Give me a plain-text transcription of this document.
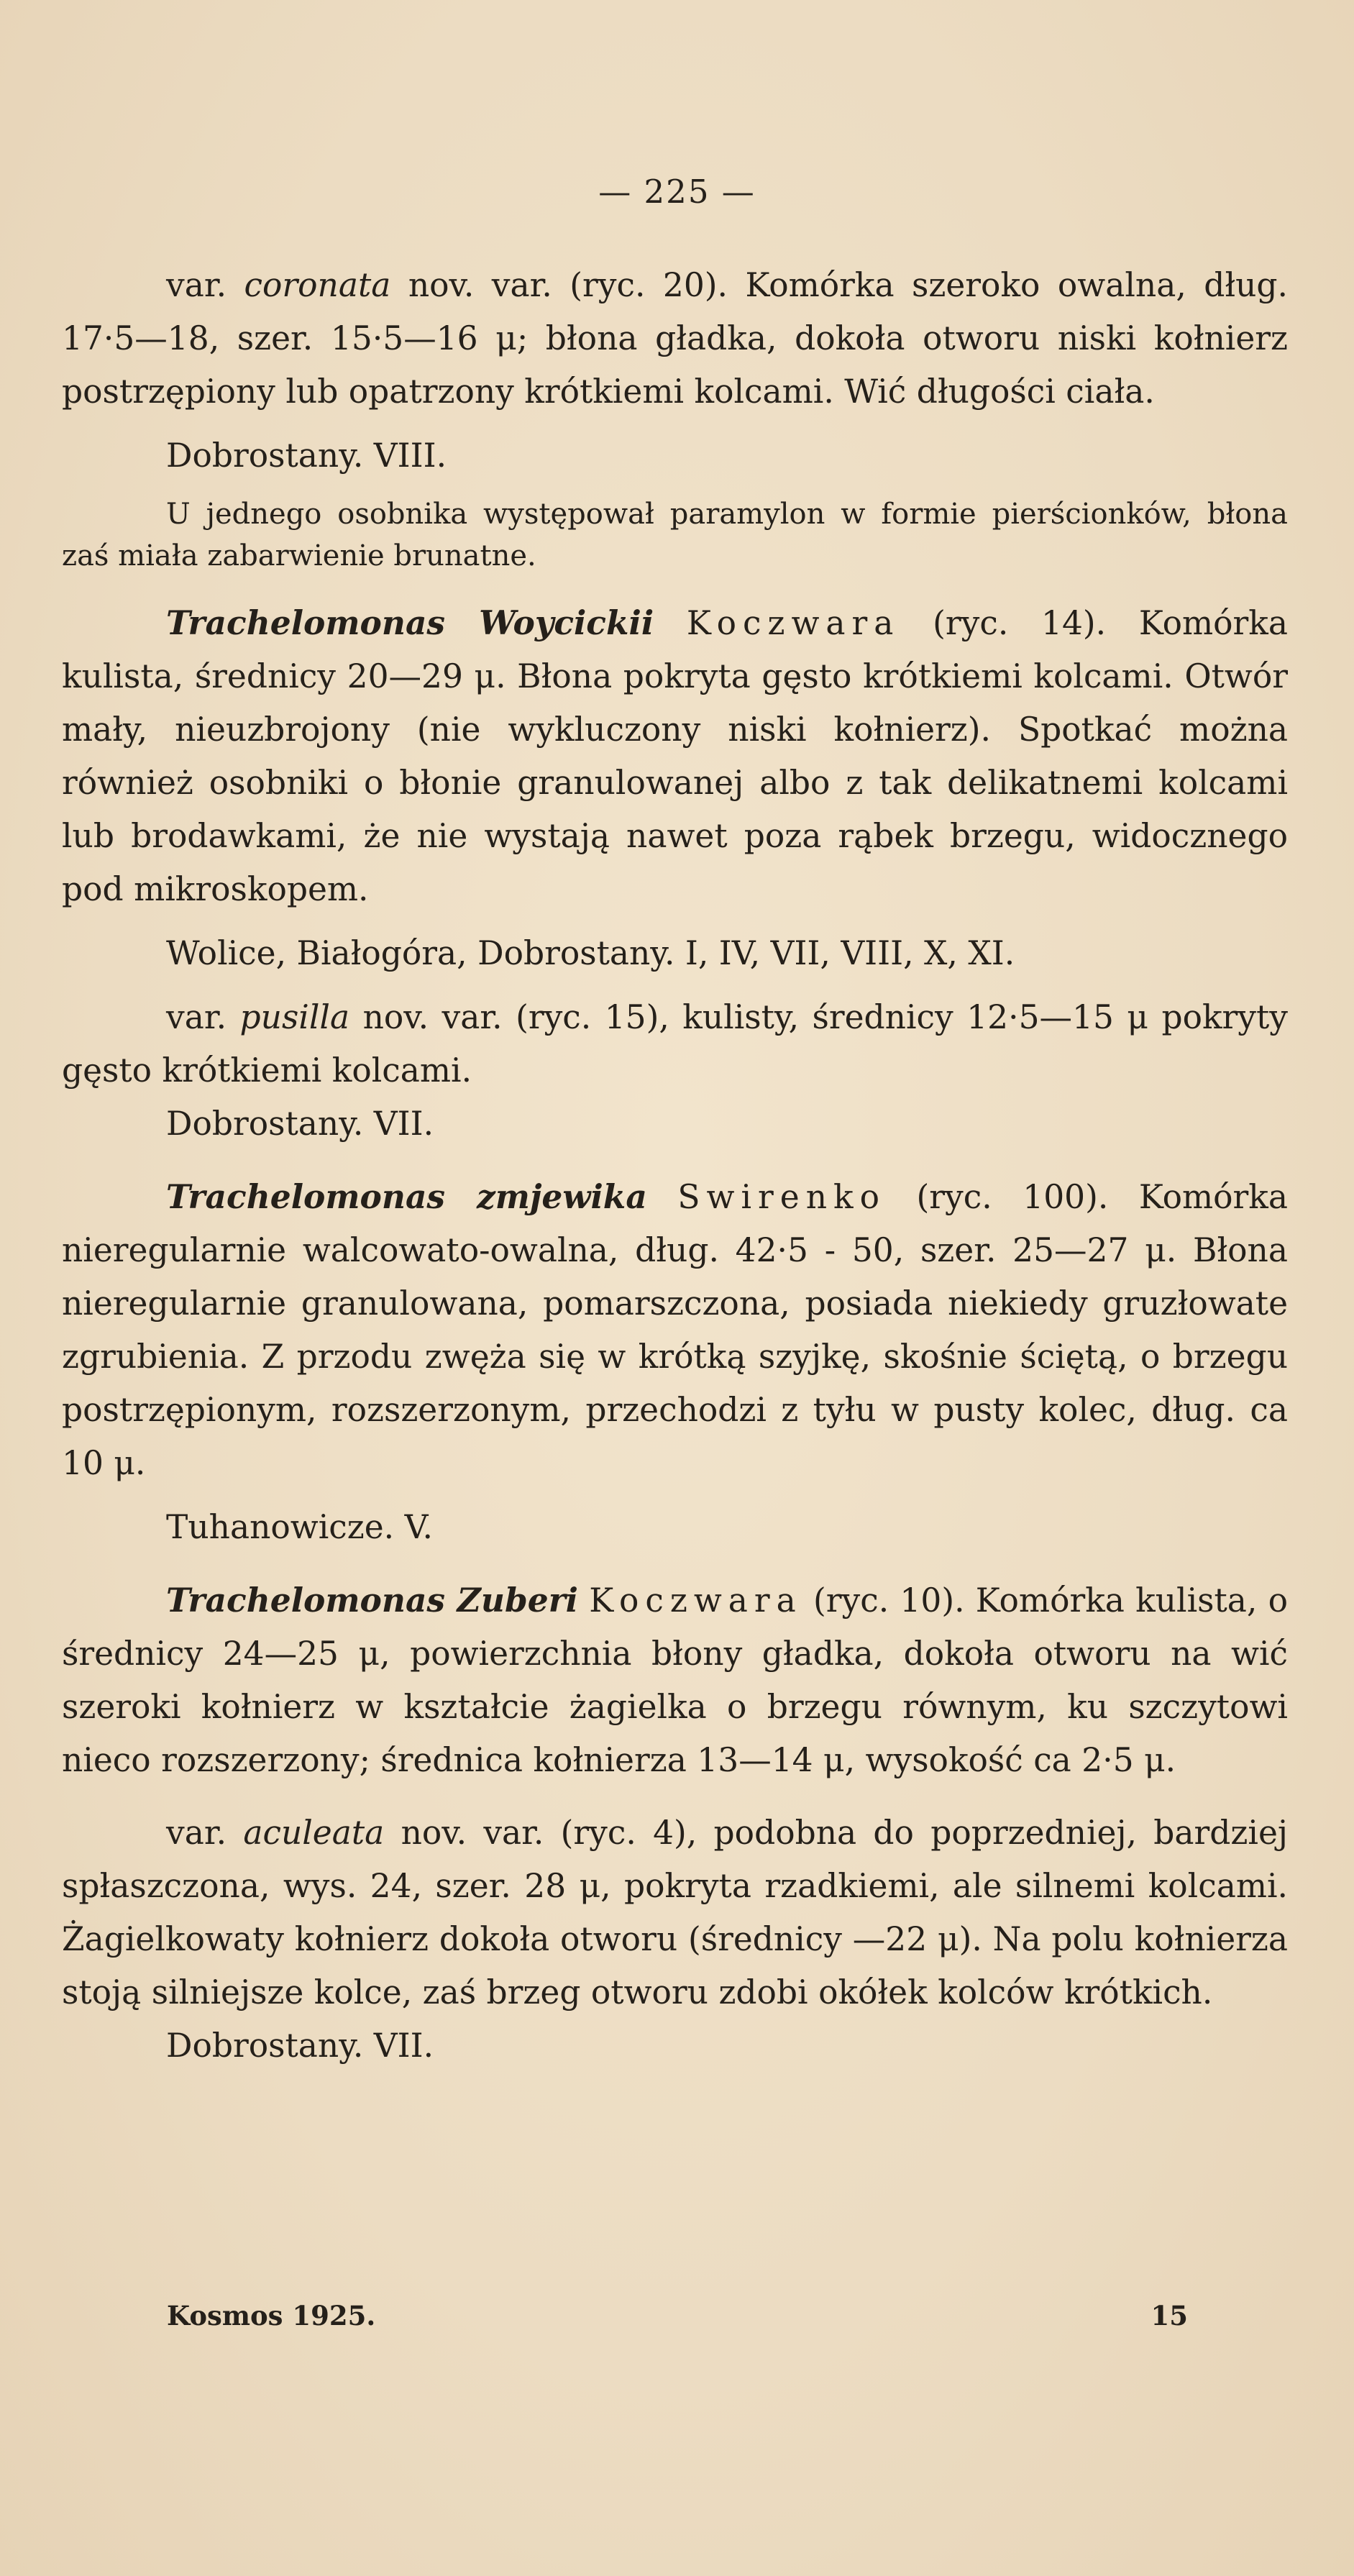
— 225 —

var. coronata nov. var. (ryc. 20). Komórka szeroko owalna, dług. 17·5—18, szer. 15·5—16 μ; błona gładka, dokoła otworu niski kołnierz postrzępiony lub opatrzony krótkiemi kolcami. Wić długości ciała.

Dobrostany. VIII.

U jednego osobnika występował paramylon w formie pierścionków, błona zaś miała zabarwienie brunatne.

Trachelomonas Woycickii Koczwara (ryc. 14). Komórka kulista, średnicy 20—29 μ. Błona pokryta gęsto krótkiemi kolcami. Otwór mały, nieuzbrojony (nie wykluczony niski kołnierz). Spotkać można również osobniki o błonie granulowanej albo z tak delikatnemi kolcami lub brodawkami, że nie wystają nawet poza rąbek brzegu, widocznego pod mikroskopem.

Wolice, Białogóra, Dobrostany. I, IV, VII, VIII, X, XI.

var. pusilla nov. var. (ryc. 15), kulisty, średnicy 12·5—15 μ pokryty gęsto krótkiemi kolcami.

Dobrostany. VII.

Trachelomonas zmjewika Swirenko (ryc. 100). Komórka nieregularnie walcowato-owalna, dług. 42·5 - 50, szer. 25—27 μ. Błona nieregularnie granulowana, pomarszczona, posiada niekiedy gruzłowate zgrubienia. Z przodu zwęża się w krótką szyjkę, skośnie ściętą, o brzegu postrzępionym, rozszerzonym, przechodzi z tyłu w pusty kolec, dług. ca 10 μ.

Tuhanowicze. V.

Trachelomonas Zuberi Koczwara (ryc. 10). Komórka kulista, o średnicy 24—25 μ, powierzchnia błony gładka, dokoła otworu na wić szeroki kołnierz w kształcie żagielka o brzegu równym, ku szczytowi nieco rozszerzony; średnica kołnierza 13—14 μ, wysokość ca 2·5 μ.

var. aculeata nov. var. (ryc. 4), podobna do poprzedniej, bardziej spłaszczona, wys. 24, szer. 28 μ, pokryta rzadkiemi, ale silnemi kolcami. Żagielkowaty kołnierz dokoła otworu (średnicy —22 μ). Na polu kołnierza stoją silniejsze kolce, zaś brzeg otworu zdobi okółek kolców krótkich.

Dobrostany. VII.

Kosmos 1925.	15
